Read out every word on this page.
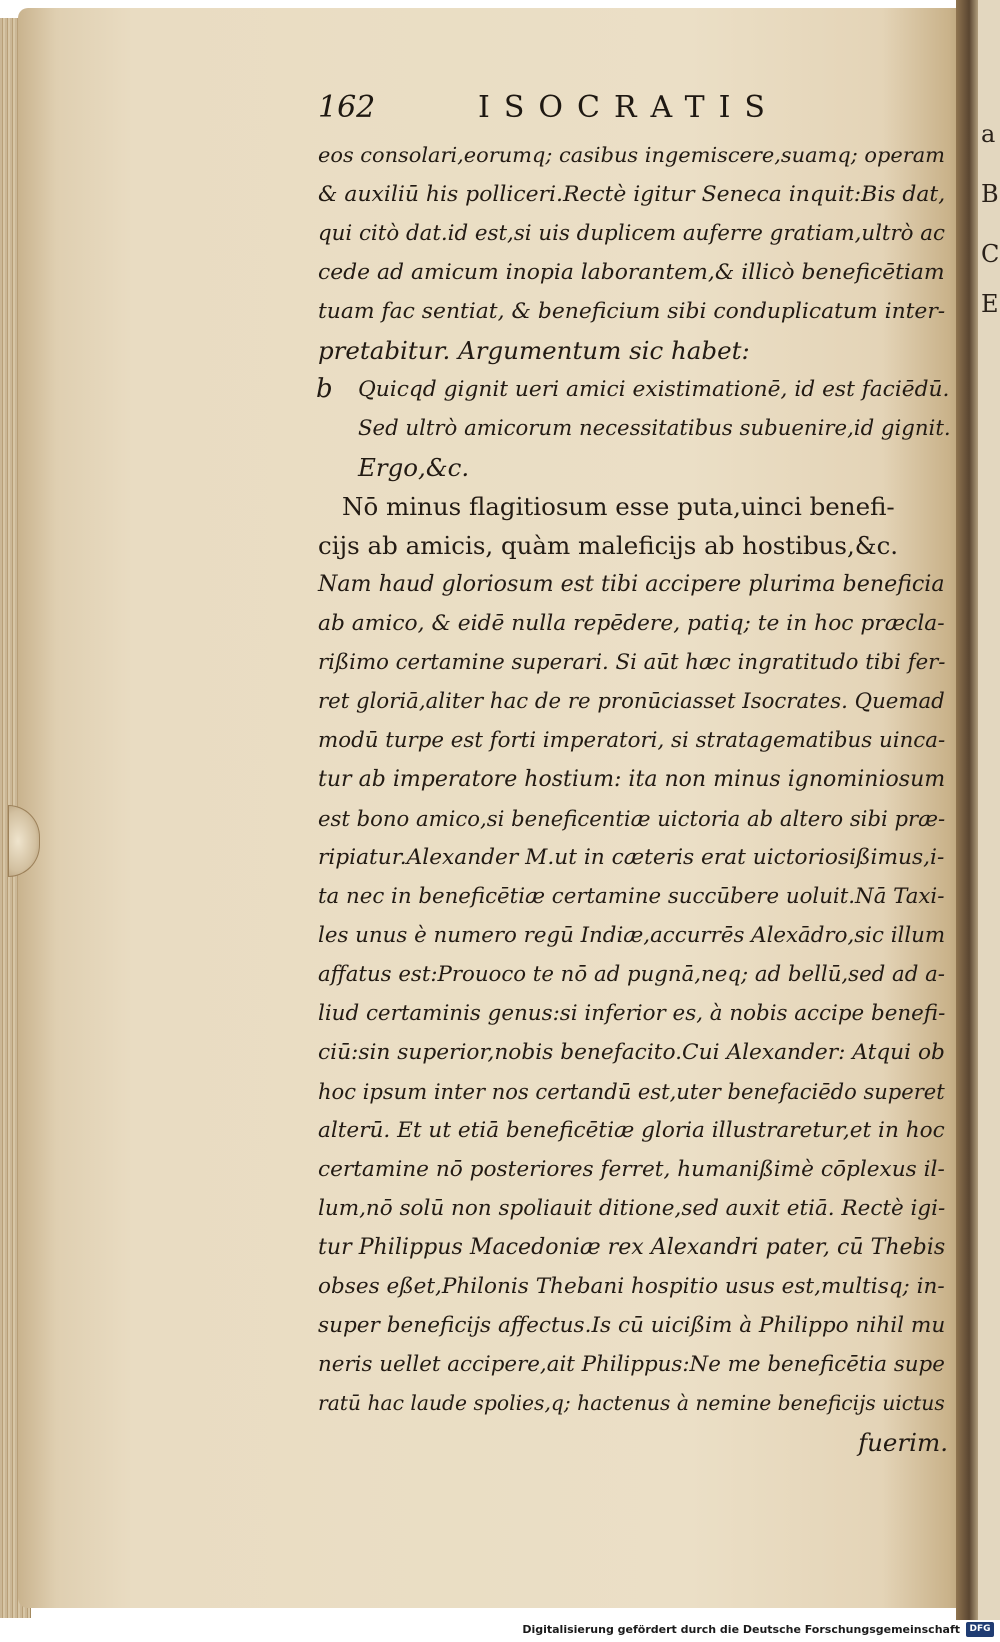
a
B
C
E
162	ISOCRATIS
eos consolari,eorumq; casibus ingemiscere,suamq; operam
& auxiliū his polliceri.Rectè igitur Seneca inquit:Bis dat,
qui citò dat.id est,si uis duplicem auferre gratiam,ultrò ac
cede ad amicum inopia laborantem,& illicò beneficētiam
tuam fac sentiat, & beneficium sibi conduplicatum inter-
pretabitur. Argumentum sic habet:
b Quicqd gignit ueri amici existimationē, id est faciēdū.
Sed ultrò amicorum necessitatibus subuenire,id gignit.
Ergo,&c.
Nō minus flagitiosum esse puta,uinci benefi-
cijs ab amicis, quàm maleficijs ab hostibus,&c.
Nam haud gloriosum est tibi accipere plurima beneficia
ab amico, & eidē nulla repēdere, patiq; te in hoc præcla-
rißimo certamine superari. Si aūt hæc ingratitudo tibi fer-
ret gloriā,aliter hac de re pronūciasset Isocrates. Quemad
modū turpe est forti imperatori, si stratagematibus uinca-
tur ab imperatore hostium: ita non minus ignominiosum
est bono amico,si beneficentiæ uictoria ab altero sibi præ-
ripiatur.Alexander M.ut in cæteris erat uictoriosißimus,i-
ta nec in beneficētiæ certamine succūbere uoluit.Nā Taxi-
les unus è numero regū Indiæ,accurrēs Alexādro,sic illum
affatus est:Prouoco te nō ad pugnā,neq; ad bellū,sed ad a-
liud certaminis genus:si inferior es, à nobis accipe benefi-
ciū:sin superior,nobis benefacito.Cui Alexander: Atqui ob
hoc ipsum inter nos certandū est,uter benefaciēdo superet
alterū. Et ut etiā beneficētiæ gloria illustraretur,et in hoc
certamine nō posteriores ferret, humanißimè cōplexus il-
lum,nō solū non spoliauit ditione,sed auxit etiā. Rectè igi-
tur Philippus Macedoniæ rex Alexandri pater, cū Thebis
obses eßet,Philonis Thebani hospitio usus est,multisq; in-
super beneficijs affectus.Is cū uicißim à Philippo nihil mu
neris uellet accipere,ait Philippus:Ne me beneficētia supe
ratū hac laude spolies,q; hactenus à nemine beneficijs uictus
fuerim.
Digitalisierung gefördert durch die Deutsche Forschungsgemeinschaft	DFG
